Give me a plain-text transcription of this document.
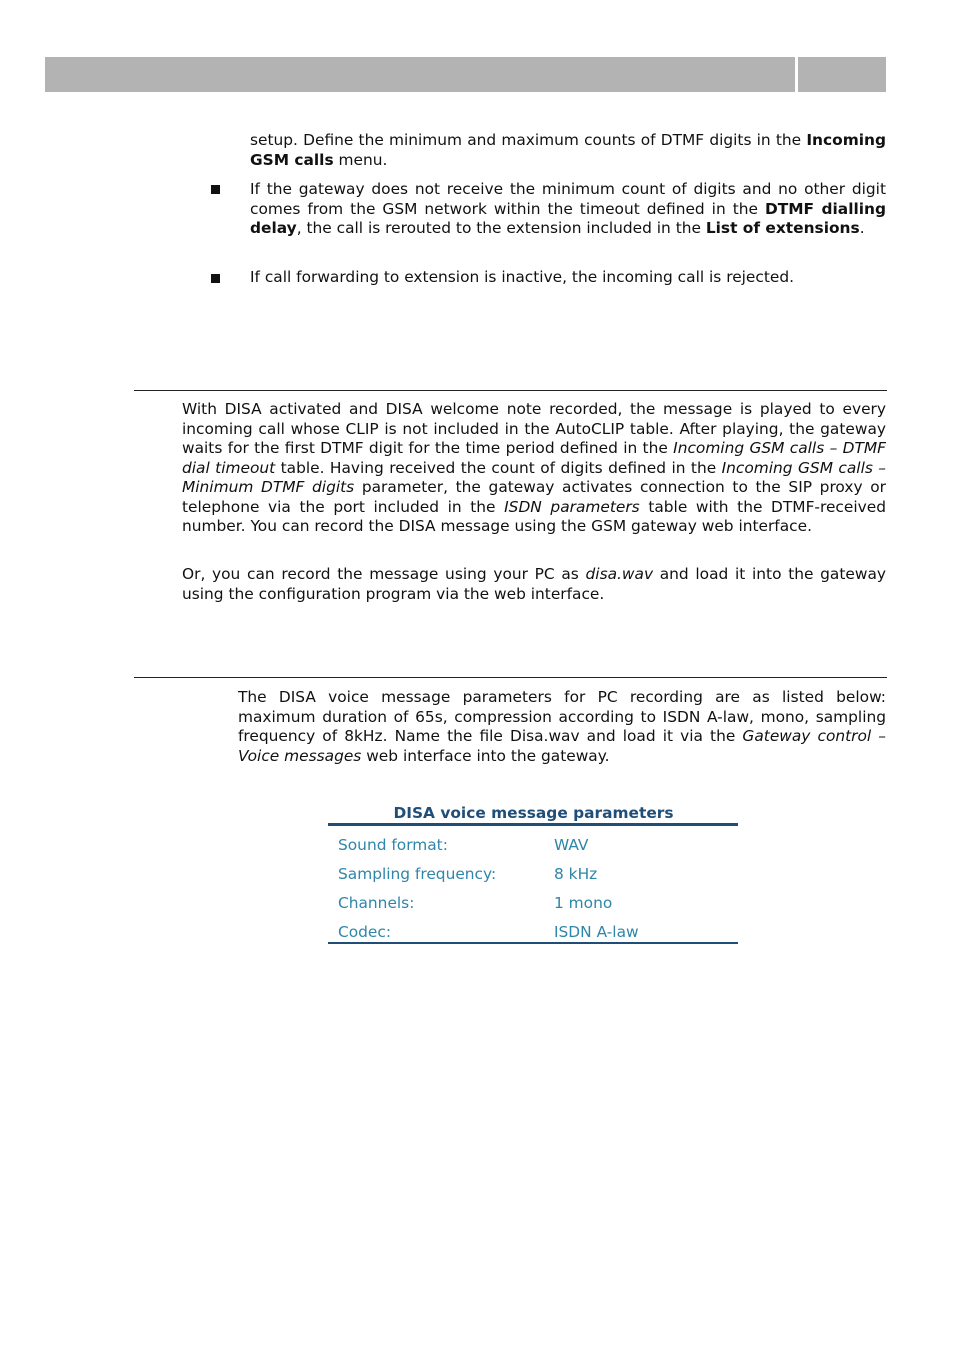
setup. Define the minimum and maximum counts of DTMF digits in the Incoming GSM calls menu.

If the gateway does not receive the minimum count of digits and no other digit comes from the GSM network within the timeout defined in the DTMF dialling delay, the call is rerouted to the extension included in the List of extensions.

If call forwarding to extension is inactive, the incoming call is rejected.

With DISA activated and DISA welcome note recorded, the message is played to every incoming call whose CLIP is not included in the AutoCLIP table. After playing, the gateway waits for the first DTMF digit for the time period defined in the Incoming GSM calls – DTMF dial timeout table. Having received the count of digits defined in the Incoming GSM calls – Minimum DTMF digits parameter, the gateway activates connection to the SIP proxy or telephone via the port included in the ISDN parameters table with the DTMF-received number. You can record the DISA message using the GSM gateway web interface.

Or, you can record the message using your PC as disa.wav and load it into the gateway using the configuration program via the web interface.

The DISA voice message parameters for PC recording are as listed below: maximum duration of 65s, compression according to ISDN A-law, mono, sampling frequency of 8kHz. Name the file Disa.wav and load it via the Gateway control – Voice messages web interface into the gateway.

DISA voice message parameters
Sound format:	WAV
Sampling frequency:	8 kHz
Channels:	1 mono
Codec:	ISDN A-law
